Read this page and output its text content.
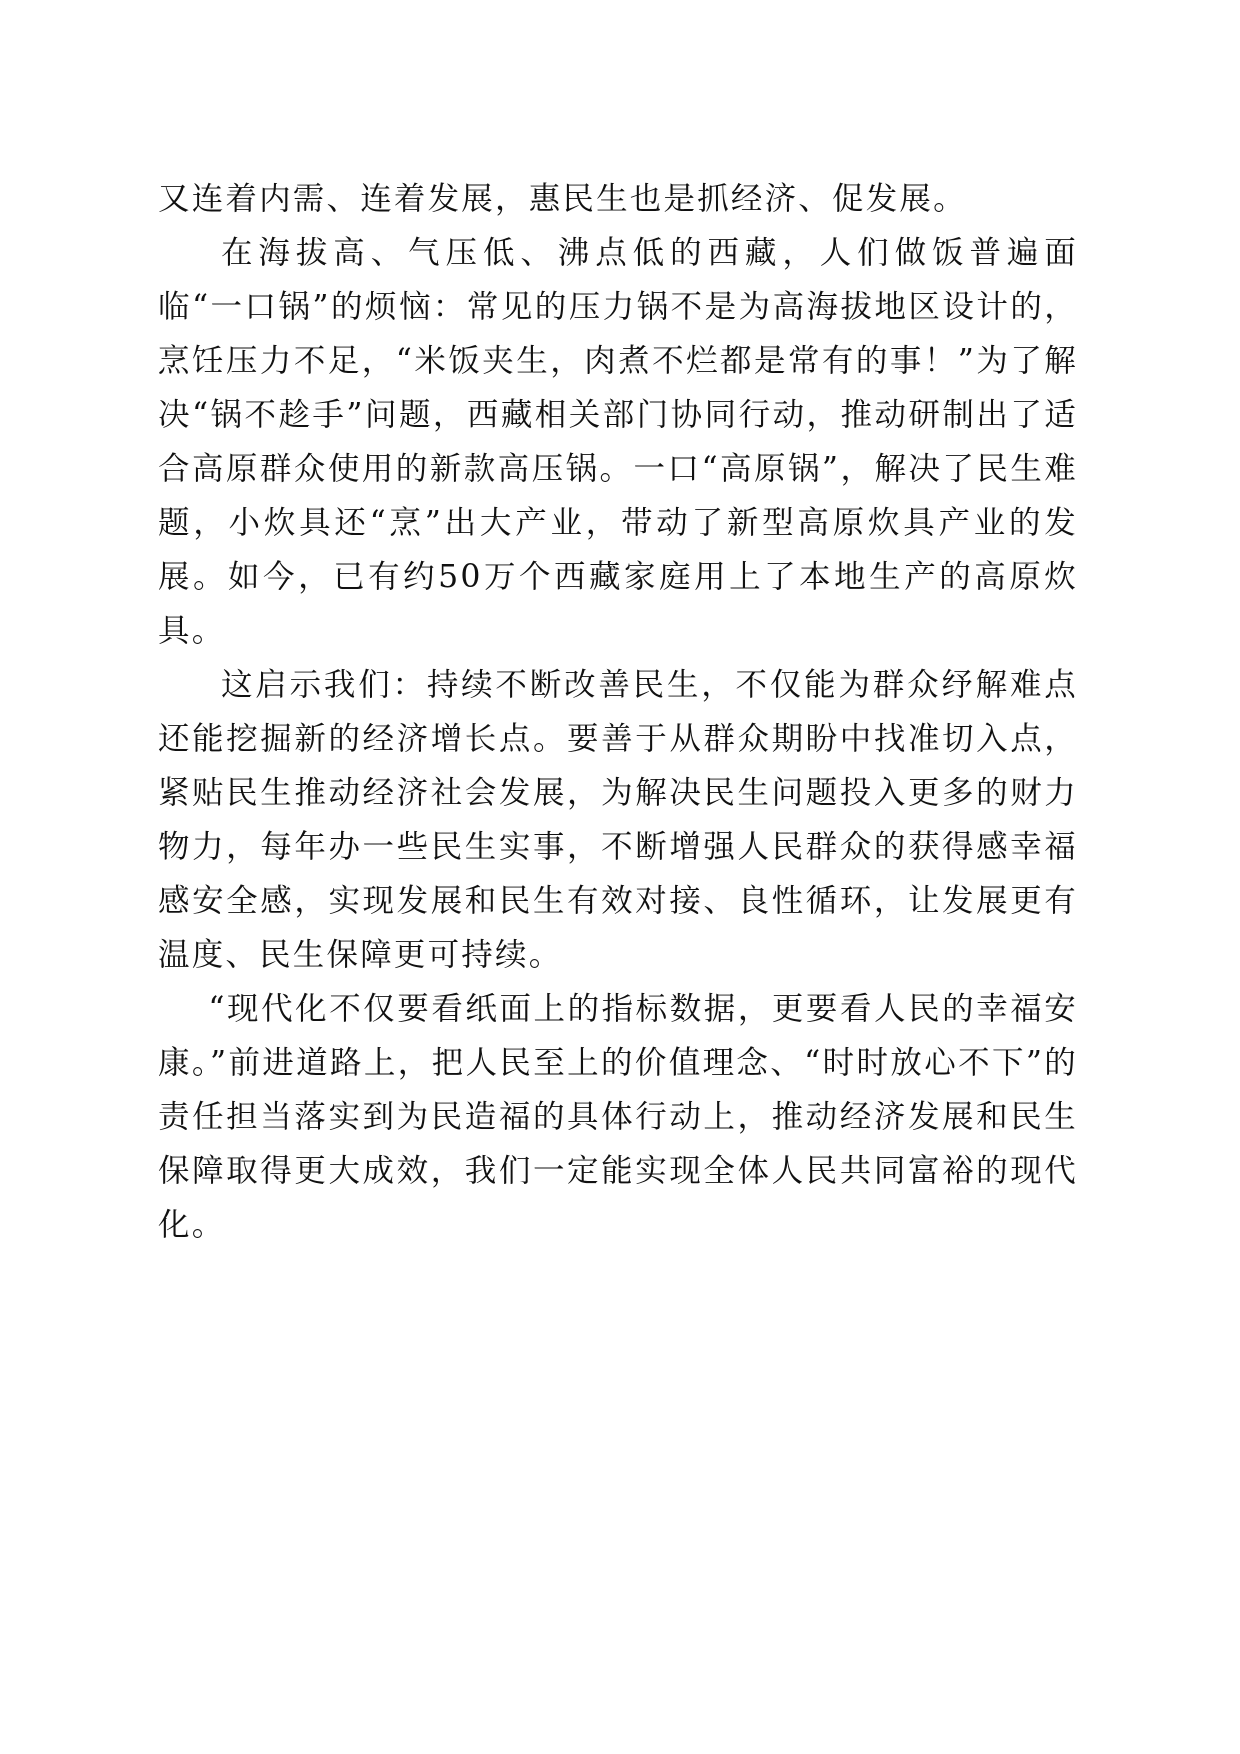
又连着内需、连着发展，惠民生也是抓经济、促发展。

在海拔高、气压低、沸点低的西藏，人们做饭普遍面临“一口锅”的烦恼：常见的压力锅不是为高海拔地区设计的，烹饪压力不足，“米饭夹生，肉煮不烂都是常有的事！”为了解决“锅不趁手”问题，西藏相关部门协同行动，推动研制出了适合高原群众使用的新款高压锅。一口“高原锅”，解决了民生难题，小炊具还“烹”出大产业，带动了新型高原炊具产业的发展。如今，已有约50万个西藏家庭用上了本地生产的高原炊具。

这启示我们：持续不断改善民生，不仅能为群众纾解难点还能挖掘新的经济增长点。要善于从群众期盼中找准切入点，紧贴民生推动经济社会发展，为解决民生问题投入更多的财力物力，每年办一些民生实事，不断增强人民群众的获得感幸福感安全感，实现发展和民生有效对接、良性循环，让发展更有温度、民生保障更可持续。

“现代化不仅要看纸面上的指标数据，更要看人民的幸福安康。”前进道路上，把人民至上的价值理念、“时时放心不下”的责任担当落实到为民造福的具体行动上，推动经济发展和民生保障取得更大成效，我们一定能实现全体人民共同富裕的现代化。
